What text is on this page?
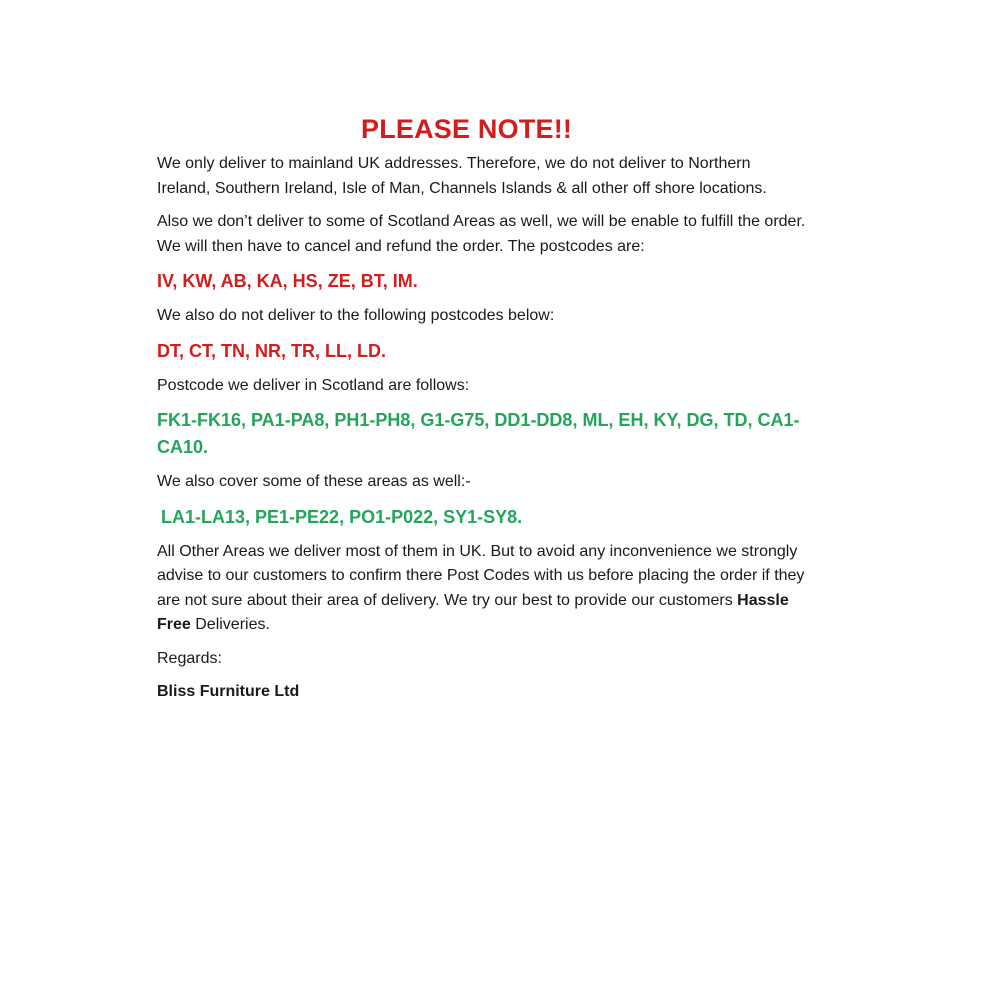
PLEASE NOTE!!

We only deliver to mainland UK addresses. Therefore, we do not deliver to Northern Ireland, Southern Ireland, Isle of Man, Channels Islands & all other off shore locations.

Also we don’t deliver to some of Scotland Areas as well, we will be enable to fulfill the order. We will then have to cancel and refund the order. The postcodes are:

IV, KW, AB, KA, HS, ZE, BT, IM.

We also do not deliver to the following postcodes below:

DT, CT, TN, NR, TR, LL, LD.

Postcode we deliver in Scotland are follows:

FK1-FK16, PA1-PA8, PH1-PH8, G1-G75, DD1-DD8, ML, EH, KY, DG, TD, CA1-CA10.

We also cover some of these areas as well:-

LA1-LA13, PE1-PE22, PO1-P022, SY1-SY8.

All Other Areas we deliver most of them in UK. But to avoid any inconvenience we strongly advise to our customers to confirm there Post Codes with us before placing the order if they are not sure about their area of delivery. We try our best to provide our customers Hassle Free Deliveries.

Regards:

Bliss Furniture Ltd
